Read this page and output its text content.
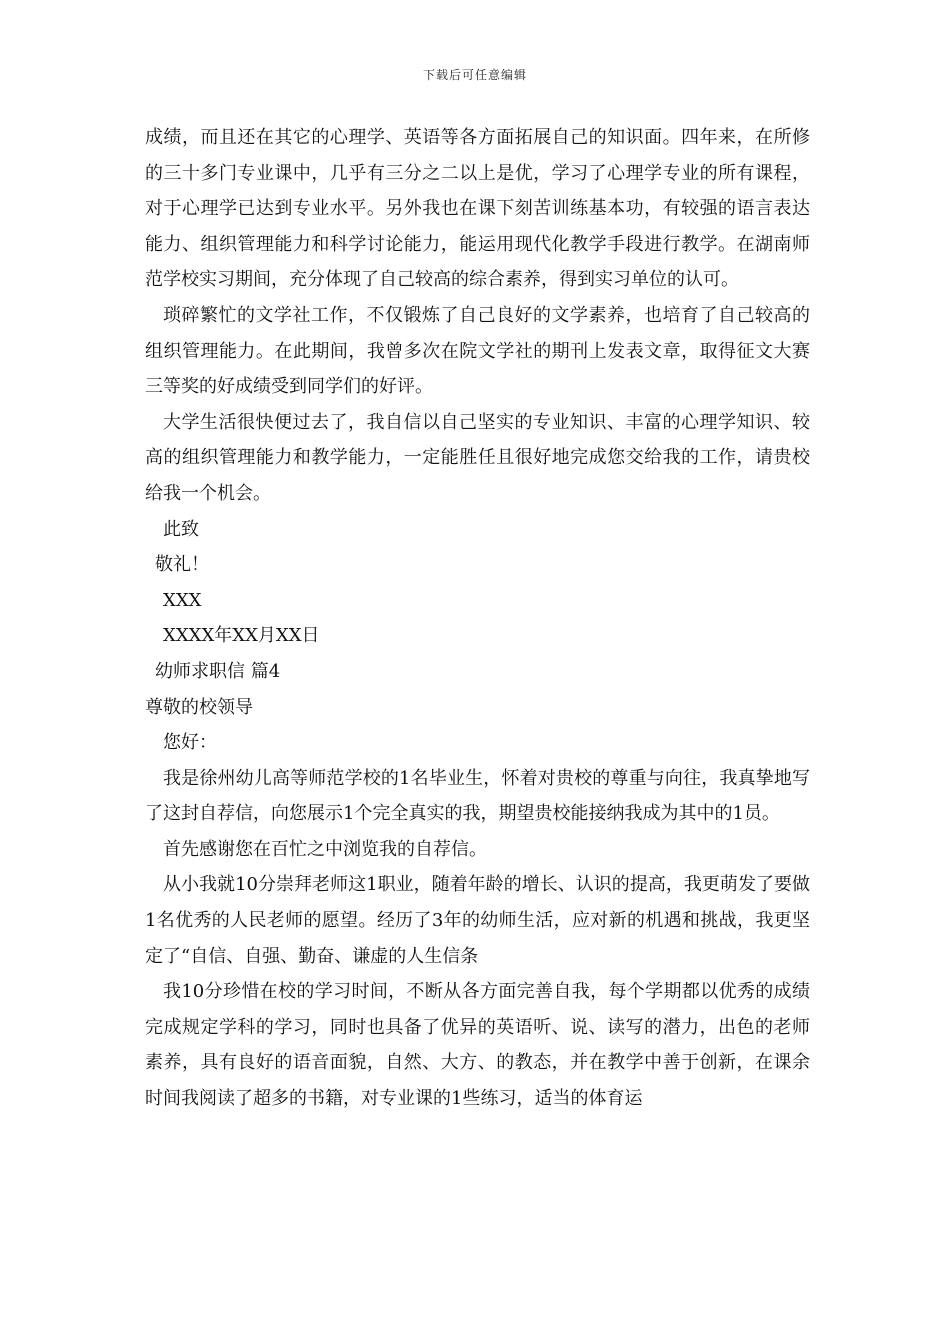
下载后可任意编辑

成绩，而且还在其它的心理学、英语等各方面拓展自己的知识面。四年来，在所修的三十多门专业课中，几乎有三分之二以上是优，学习了心理学专业的所有课程，对于心理学已达到专业水平。另外我也在课下刻苦训练基本功，有较强的语言表达能力、组织管理能力和科学讨论能力，能运用现代化教学手段进行教学。在湖南师范学校实习期间，充分体现了自己较高的综合素养，得到实习单位的认可。

琐碎繁忙的文学社工作，不仅锻炼了自己良好的文学素养，也培育了自己较高的组织管理能力。在此期间，我曾多次在院文学社的期刊上发表文章，取得征文大赛三等奖的好成绩受到同学们的好评。

大学生活很快便过去了，我自信以自己坚实的专业知识、丰富的心理学知识、较高的组织管理能力和教学能力，一定能胜任且很好地完成您交给我的工作，请贵校给我一个机会。

此致

敬礼！

XXX

XXXX年XX月XX日

幼师求职信 篇4

尊敬的校领导

您好：

我是徐州幼儿高等师范学校的1名毕业生，怀着对贵校的尊重与向往，我真挚地写了这封自荐信，向您展示1个完全真实的我，期望贵校能接纳我成为其中的1员。

首先感谢您在百忙之中浏览我的自荐信。

从小我就10分崇拜老师这1职业，随着年龄的增长、认识的提高，我更萌发了要做1名优秀的人民老师的愿望。经历了3年的幼师生活，应对新的机遇和挑战，我更坚定了“自信、自强、勤奋、谦虚的人生信条

我10分珍惜在校的学习时间，不断从各方面完善自我，每个学期都以优秀的成绩完成规定学科的学习，同时也具备了优异的英语听、说、读写的潜力，出色的老师素养，具有良好的语音面貌，自然、大方、的教态，并在教学中善于创新，在课余时间我阅读了超多的书籍，对专业课的1些练习，适当的体育运
